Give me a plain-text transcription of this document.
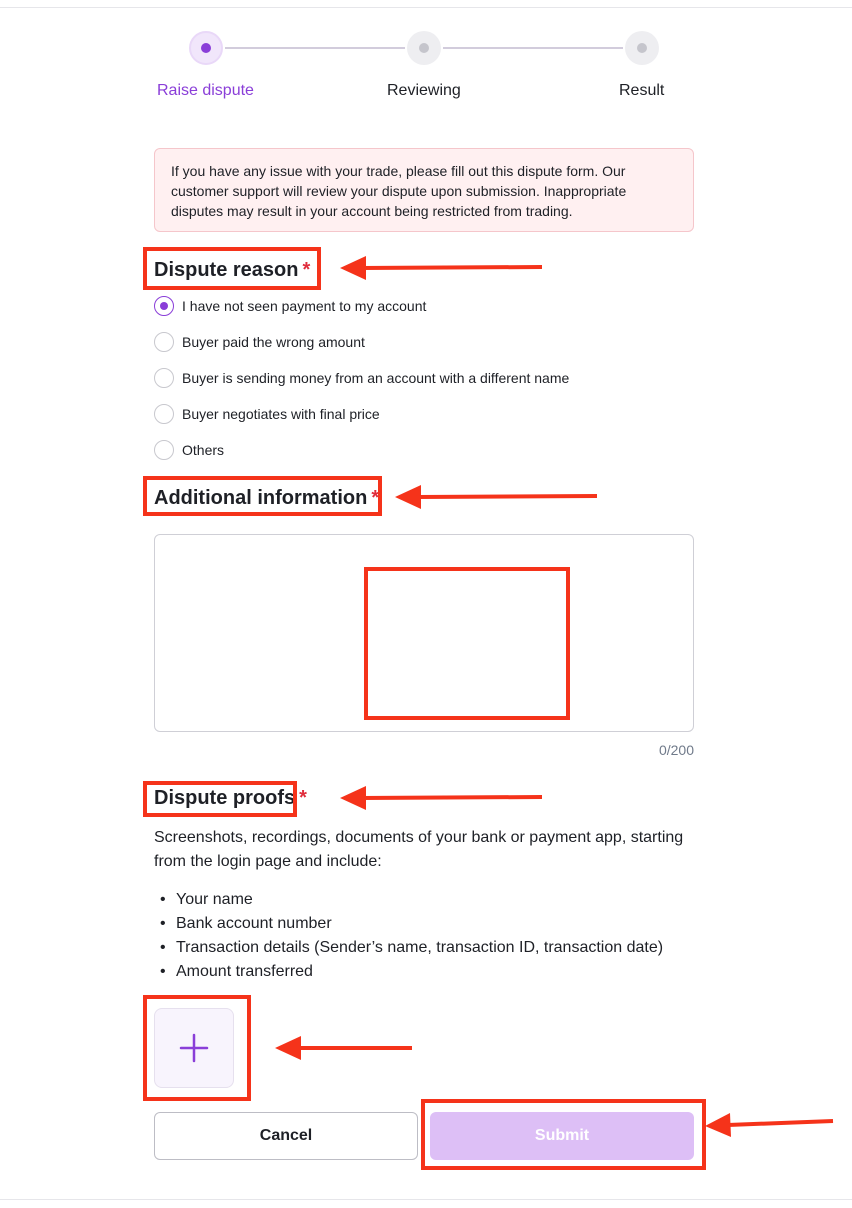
Raise dispute	Reviewing	Result
If you have any issue with your trade, please fill out this dispute form. Our customer support will review your dispute upon submission. Inappropriate disputes may result in your account being restricted from trading.
Dispute reason *
I have not seen payment to my account
Buyer paid the wrong amount
Buyer is sending money from an account with a different name
Buyer negotiates with final price
Others
Additional information *
0/200
Dispute proofs *
Screenshots, recordings, documents of your bank or payment app, starting from the login page and include:
• Your name
• Bank account number
• Transaction details (Sender’s name, transaction ID, transaction date)
• Amount transferred
Cancel	Submit
